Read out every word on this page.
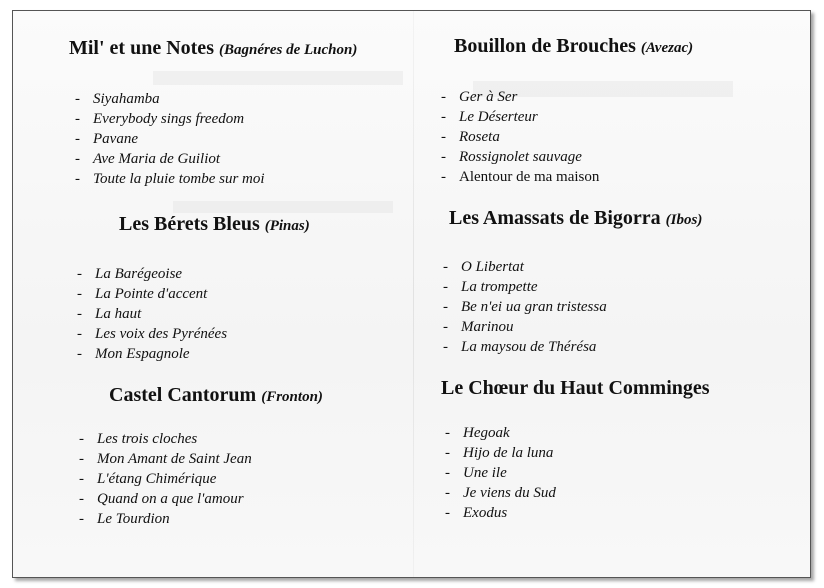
Mil' et une Notes (Bagnéres de Luchon)
- Siyahamba
- Everybody sings freedom
- Pavane
- Ave Maria de Guiliot
- Toute la pluie tombe sur moi
Les Bérets Bleus (Pinas)
- La Barégeoise
- La Pointe d'accent
- La haut
- Les voix des Pyrénées
- Mon Espagnole
Castel Cantorum (Fronton)
- Les trois cloches
- Mon Amant de Saint Jean
- L'étang Chimérique
- Quand on a que l'amour
- Le Tourdion
Bouillon de Brouches (Avezac)
- Ger à Ser
- Le Déserteur
- Roseta
- Rossignolet sauvage
- Alentour de ma maison
Les Amassats de Bigorra (Ibos)
- O Libertat
- La trompette
- Be n'ei ua gran tristessa
- Marinou
- La maysou de Thérésa
Le Chœur du Haut Comminges
- Hegoak
- Hijo de la luna
- Une ile
- Je viens du Sud
- Exodus
